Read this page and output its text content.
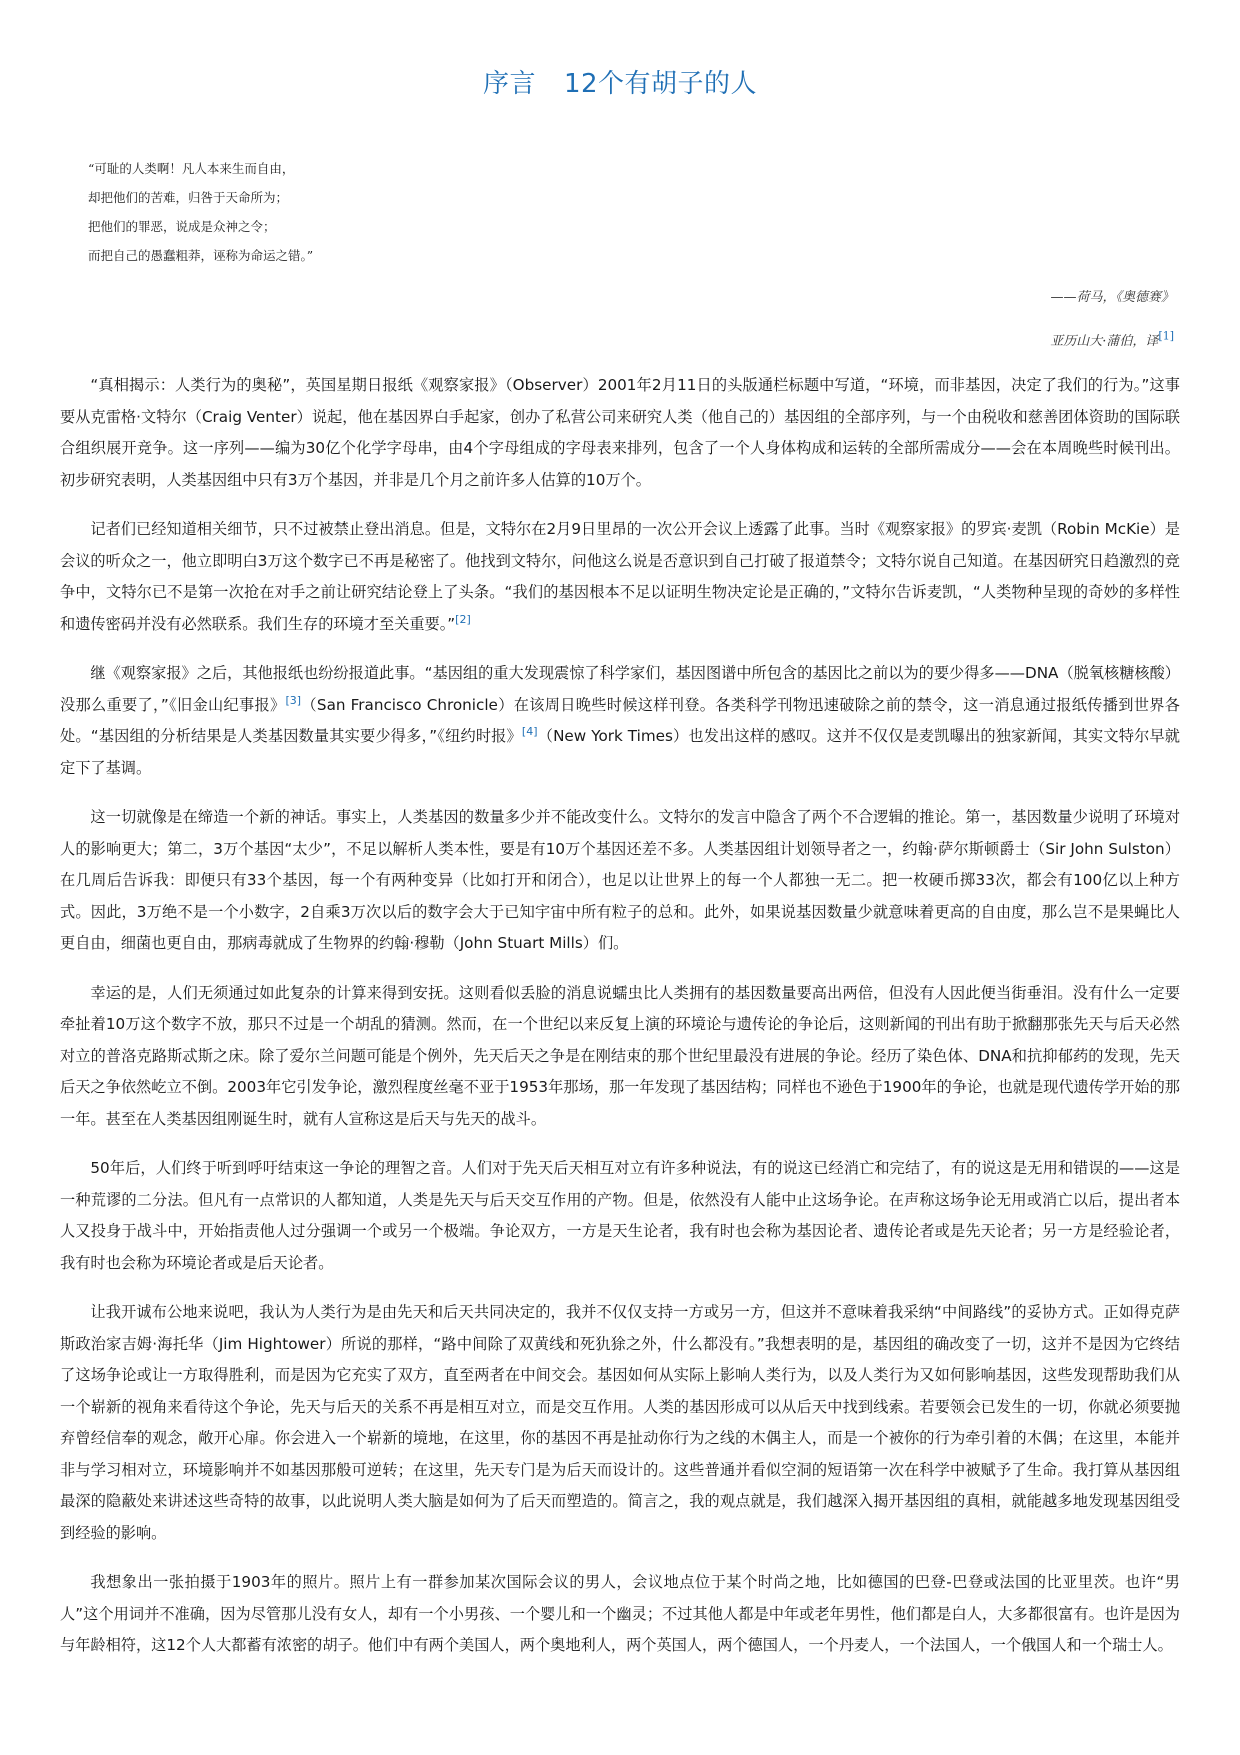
序言 12个有胡子的人
“可耻的人类啊！凡人本来生而自由，
却把他们的苦难，归咎于天命所为；
把他们的罪恶，说成是众神之令；
而把自己的愚蠢粗莽，诬称为命运之错。”
——荷马，《奥德赛》
亚历山大·蒲伯，译[1]

“真相揭示：人类行为的奥秘”，英国星期日报纸《观察家报》（Observer）2001年2月11日的头版通栏标题中写道，“环境，而非基因，决定了我们的行为。”这事要从克雷格·文特尔（Craig Venter）说起，他在基因界白手起家，创办了私营公司来研究人类（他自己的）基因组的全部序列，与一个由税收和慈善团体资助的国际联合组织展开竞争。这一序列——编为30亿个化学字母串，由4个字母组成的字母表来排列，包含了一个人身体构成和运转的全部所需成分——会在本周晚些时候刊出。初步研究表明，人类基因组中只有3万个基因，并非是几个月之前许多人估算的10万个。

记者们已经知道相关细节，只不过被禁止登出消息。但是，文特尔在2月9日里昂的一次公开会议上透露了此事。当时《观察家报》的罗宾·麦凯（Robin McKie）是会议的听众之一，他立即明白3万这个数字已不再是秘密了。他找到文特尔，问他这么说是否意识到自己打破了报道禁令；文特尔说自己知道。在基因研究日趋激烈的竞争中，文特尔已不是第一次抢在对手之前让研究结论登上了头条。“我们的基因根本不足以证明生物决定论是正确的，”文特尔告诉麦凯，“人类物种呈现的奇妙的多样性和遗传密码并没有必然联系。我们生存的环境才至关重要。”[2]

继《观察家报》之后，其他报纸也纷纷报道此事。“基因组的重大发现震惊了科学家们，基因图谱中所包含的基因比之前以为的要少得多——DNA（脱氧核糖核酸）没那么重要了，”《旧金山纪事报》[3]（San Francisco Chronicle）在该周日晚些时候这样刊登。各类科学刊物迅速破除之前的禁令，这一消息通过报纸传播到世界各处。“基因组的分析结果是人类基因数量其实要少得多，”《纽约时报》[4]（New York Times）也发出这样的感叹。这并不仅仅是麦凯曝出的独家新闻，其实文特尔早就定下了基调。

这一切就像是在缔造一个新的神话。事实上，人类基因的数量多少并不能改变什么。文特尔的发言中隐含了两个不合逻辑的推论。第一，基因数量少说明了环境对人的影响更大；第二，3万个基因“太少”，不足以解析人类本性，要是有10万个基因还差不多。人类基因组计划领导者之一，约翰·萨尔斯顿爵士（Sir John Sulston）在几周后告诉我：即便只有33个基因，每一个有两种变异（比如打开和闭合），也足以让世界上的每一个人都独一无二。把一枚硬币掷33次，都会有100亿以上种方式。因此，3万绝不是一个小数字，2自乘3万次以后的数字会大于已知宇宙中所有粒子的总和。此外，如果说基因数量少就意味着更高的自由度，那么岂不是果蝇比人更自由，细菌也更自由，那病毒就成了生物界的约翰·穆勒（John Stuart Mills）们。

幸运的是，人们无须通过如此复杂的计算来得到安抚。这则看似丢脸的消息说蠕虫比人类拥有的基因数量要高出两倍，但没有人因此便当街垂泪。没有什么一定要牵扯着10万这个数字不放，那只不过是一个胡乱的猜测。然而，在一个世纪以来反复上演的环境论与遗传论的争论后，这则新闻的刊出有助于掀翻那张先天与后天必然对立的普洛克路斯忒斯之床。除了爱尔兰问题可能是个例外，先天后天之争是在刚结束的那个世纪里最没有进展的争论。经历了染色体、DNA和抗抑郁药的发现，先天后天之争依然屹立不倒。2003年它引发争论，激烈程度丝毫不亚于1953年那场，那一年发现了基因结构；同样也不逊色于1900年的争论，也就是现代遗传学开始的那一年。甚至在人类基因组刚诞生时，就有人宣称这是后天与先天的战斗。

50年后，人们终于听到呼吁结束这一争论的理智之音。人们对于先天后天相互对立有许多种说法，有的说这已经消亡和完结了，有的说这是无用和错误的——这是一种荒谬的二分法。但凡有一点常识的人都知道，人类是先天与后天交互作用的产物。但是，依然没有人能中止这场争论。在声称这场争论无用或消亡以后，提出者本人又投身于战斗中，开始指责他人过分强调一个或另一个极端。争论双方，一方是天生论者，我有时也会称为基因论者、遗传论者或是先天论者；另一方是经验论者，我有时也会称为环境论者或是后天论者。

让我开诚布公地来说吧，我认为人类行为是由先天和后天共同决定的，我并不仅仅支持一方或另一方，但这并不意味着我采纳“中间路线”的妥协方式。正如得克萨斯政治家吉姆·海托华（Jim Hightower）所说的那样，“路中间除了双黄线和死犰狳之外，什么都没有。”我想表明的是，基因组的确改变了一切，这并不是因为它终结了这场争论或让一方取得胜利，而是因为它充实了双方，直至两者在中间交会。基因如何从实际上影响人类行为，以及人类行为又如何影响基因，这些发现帮助我们从一个崭新的视角来看待这个争论，先天与后天的关系不再是相互对立，而是交互作用。人类的基因形成可以从后天中找到线索。若要领会已发生的一切，你就必须要抛弃曾经信奉的观念，敞开心扉。你会进入一个崭新的境地，在这里，你的基因不再是扯动你行为之线的木偶主人，而是一个被你的行为牵引着的木偶；在这里，本能并非与学习相对立，环境影响并不如基因那般可逆转；在这里，先天专门是为后天而设计的。这些普通并看似空洞的短语第一次在科学中被赋予了生命。我打算从基因组最深的隐蔽处来讲述这些奇特的故事，以此说明人类大脑是如何为了后天而塑造的。简言之，我的观点就是，我们越深入揭开基因组的真相，就能越多地发现基因组受到经验的影响。

我想象出一张拍摄于1903年的照片。照片上有一群参加某次国际会议的男人，会议地点位于某个时尚之地，比如德国的巴登-巴登或法国的比亚里茨。也许“男人”这个用词并不准确，因为尽管那儿没有女人，却有一个小男孩、一个婴儿和一个幽灵；不过其他人都是中年或老年男性，他们都是白人，大多都很富有。也许是因为与年龄相符，这12个人大都蓄有浓密的胡子。他们中有两个美国人，两个奥地利人，两个英国人，两个德国人，一个丹麦人，一个法国人，一个俄国人和一个瑞士人。
